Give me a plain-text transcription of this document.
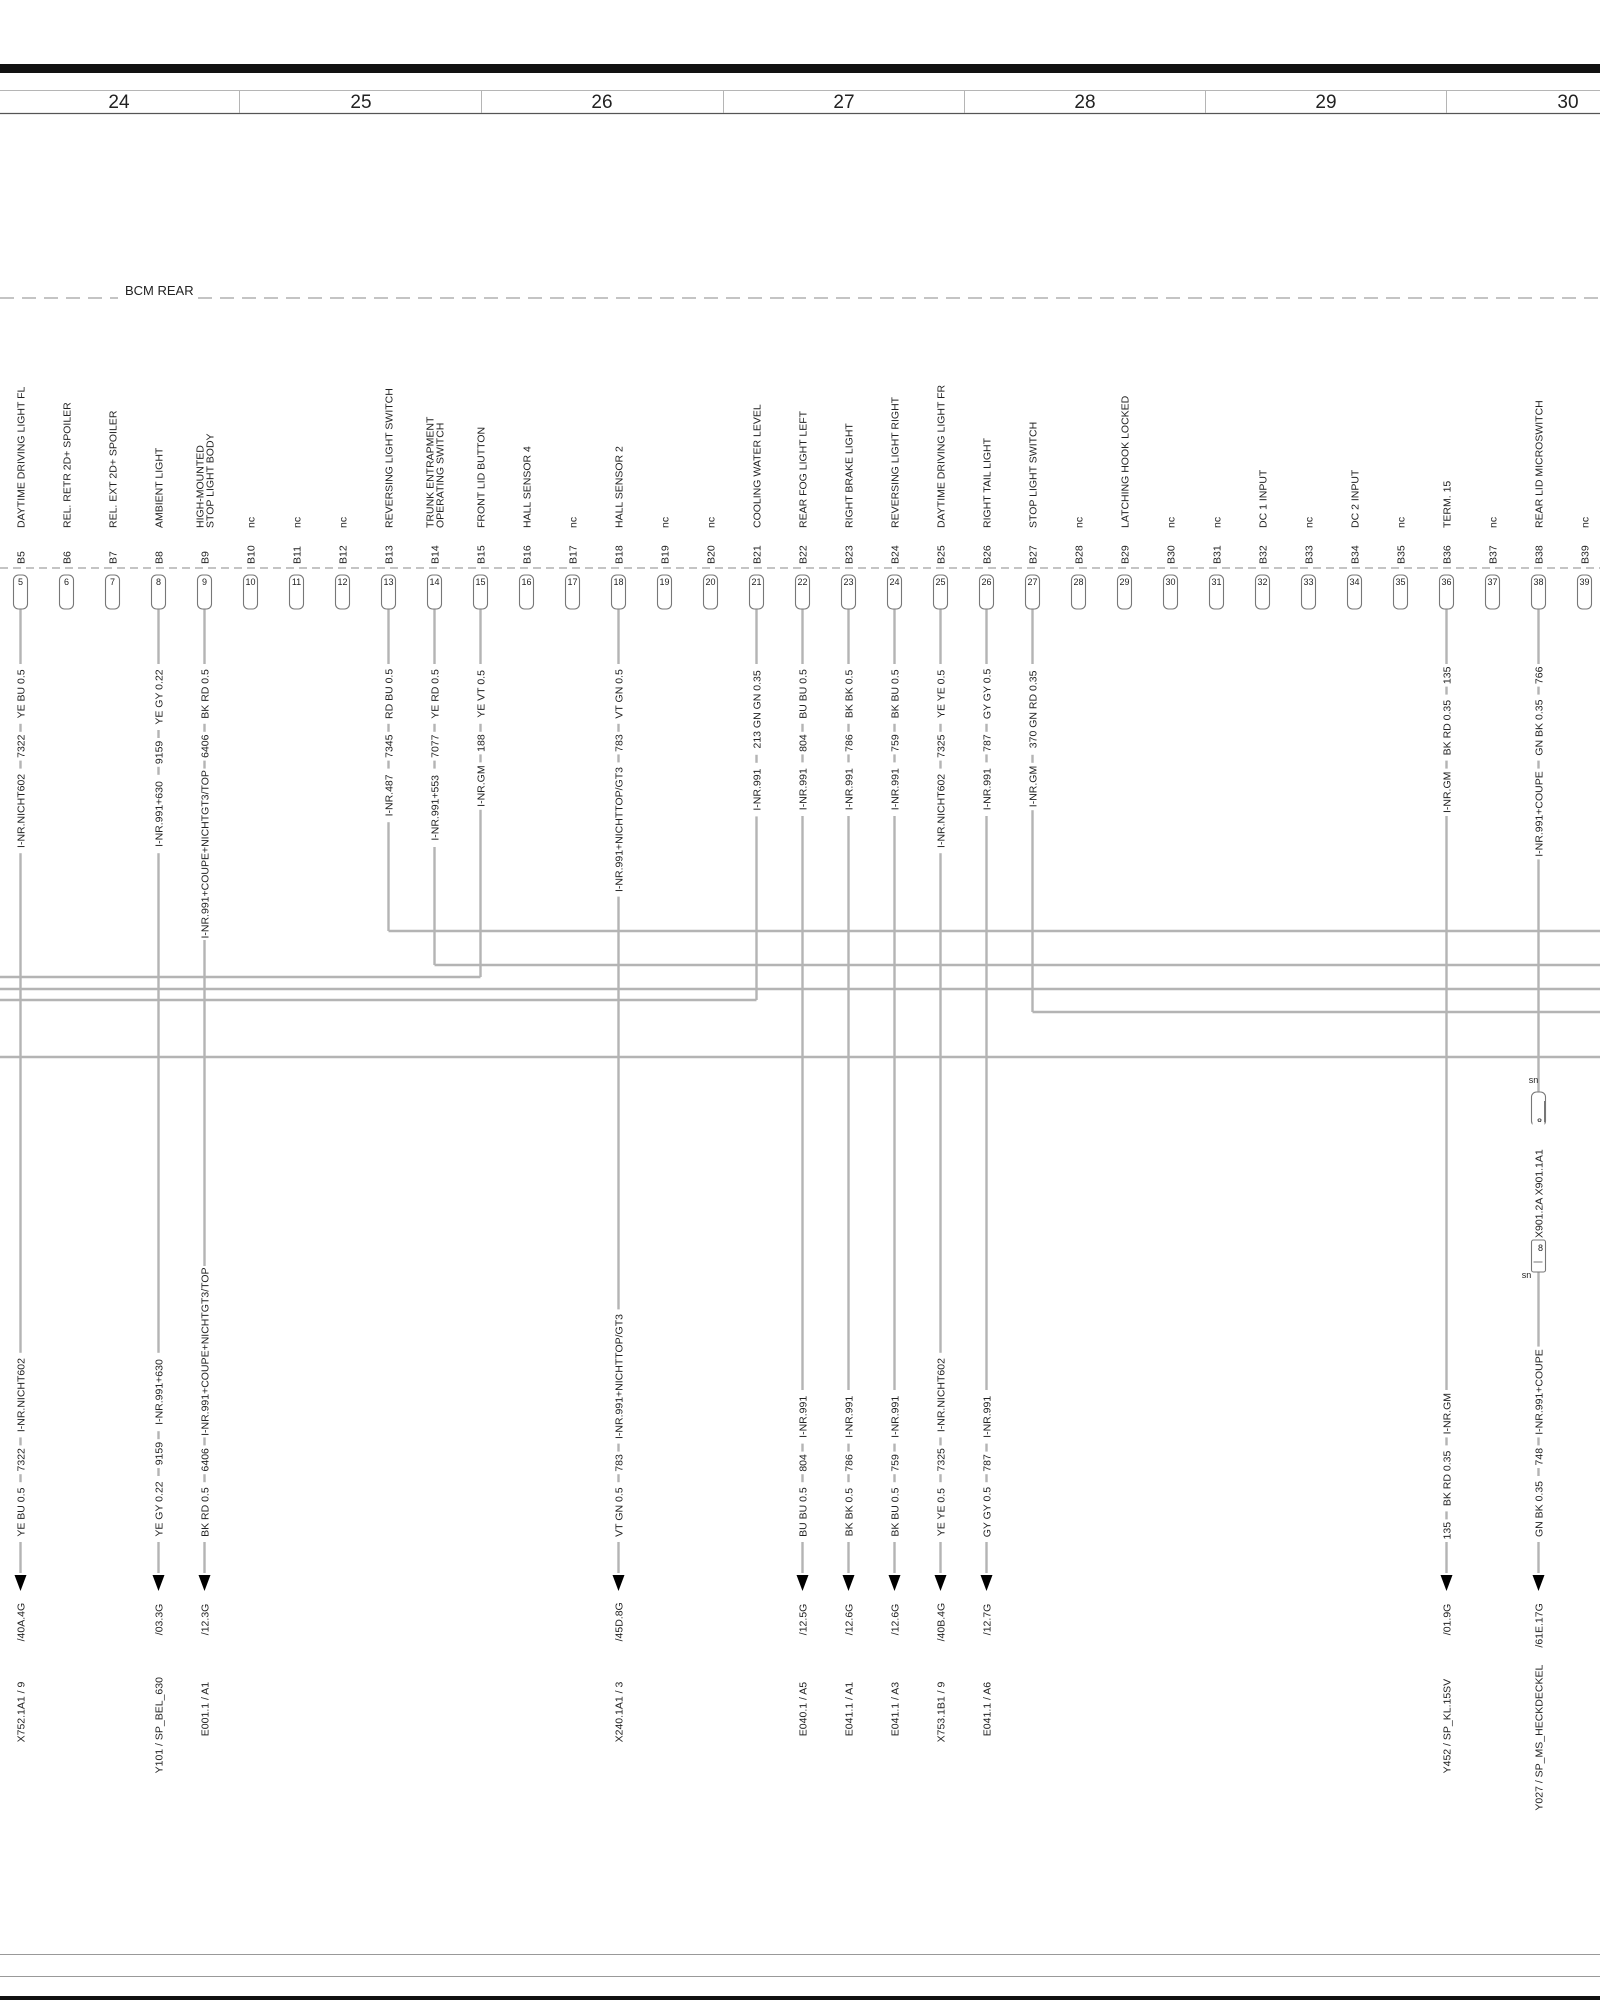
24	25	26	27	28	29	30
BCM REAR
YE BU 0.5
7322
I-NR.NICHT602
YE BU 0.5
7322
I-NR.NICHT602
/40A.4G
X752.1A1 / 9
YE GY 0.22
9159
I-NR.991+630
YE GY 0.22
9159
I-NR.991+630
/03.3G
Y101 / SP_BEL_630
BK RD 0.5
6406
I-NR.991+COUPE+NICHTGT3/TOP
BK RD 0.5
6406
I-NR.991+COUPE+NICHTGT3/TOP
/12.3G
E001.1 / A1
RD BU 0.5
7345
I-NR.487
YE RD 0.5
7077
I-NR.991+553
YE VT 0.5
188
I-NR.GM
VT GN 0.5
783
I-NR.991+NICHTTOP/GT3
VT GN 0.5
783
I-NR.991+NICHTTOP/GT3
/45D.8G
X240.1A1 / 3
213 GN GN 0.35
I-NR.991
BU BU 0.5
804
I-NR.991
BU BU 0.5
804
I-NR.991
/12.5G
E040.1 / A5
BK BK 0.5
786
I-NR.991
BK BK 0.5
786
I-NR.991
/12.6G
E041.1 / A1
BK BU 0.5
759
I-NR.991
BK BU 0.5
759
I-NR.991
/12.6G
E041.1 / A3
YE YE 0.5
7325
I-NR.NICHT602
YE YE 0.5
7325
I-NR.NICHT602
/40B.4G
X753.1B1 / 9
GY GY 0.5
787
I-NR.991
GY GY 0.5
787
I-NR.991
/12.7G
E041.1 / A6
370 GN RD 0.35
I-NR.GM
135
BK RD 0.35
I-NR.GM
135
BK RD 0.35
I-NR.GM
/01.9G
Y452 / SP_KL.15SV
766
GN BK 0.35
I-NR.991+COUPE
GN BK 0.35
748
I-NR.991+COUPE
/61E.17G
Y027 / SP_MS_HECKDECKEL
DAYTIME DRIVING LIGHT FL
B5
5
REL. RETR 2D+ SPOILER
B6
6
REL. EXT 2D+ SPOILER
B7
7
AMBIENT LIGHT
B8
8
HIGH-MOUNTED
STOP LIGHT BODY
B9
9
nc
B10
10
nc
B11
11
nc
B12
12
REVERSING LIGHT SWITCH
B13
13
TRUNK ENTRAPMENT
OPERATING SWITCH
B14
14
FRONT LID BUTTON
B15
15
HALL SENSOR 4
B16
16
nc
B17
17
HALL SENSOR 2
B18
18
nc
B19
19
nc
B20
20
COOLING WATER LEVEL
B21
21
REAR FOG LIGHT LEFT
B22
22
RIGHT BRAKE LIGHT
B23
23
REVERSING LIGHT RIGHT
B24
24
DAYTIME DRIVING LIGHT FR
B25
25
RIGHT TAIL LIGHT
B26
26
STOP LIGHT SWITCH
B27
27
nc
B28
28
LATCHING HOOK LOCKED
B29
29
nc
B30
30
nc
B31
31
DC 1 INPUT
B32
32
nc
B33
33
DC 2 INPUT
B34
34
nc
B35
35
TERM. 15
B36
36
nc
B37
37
REAR LID MICROSWITCH
B38
38
nc
B39
39
sn
X901.2A X901.1A1
8
sn
